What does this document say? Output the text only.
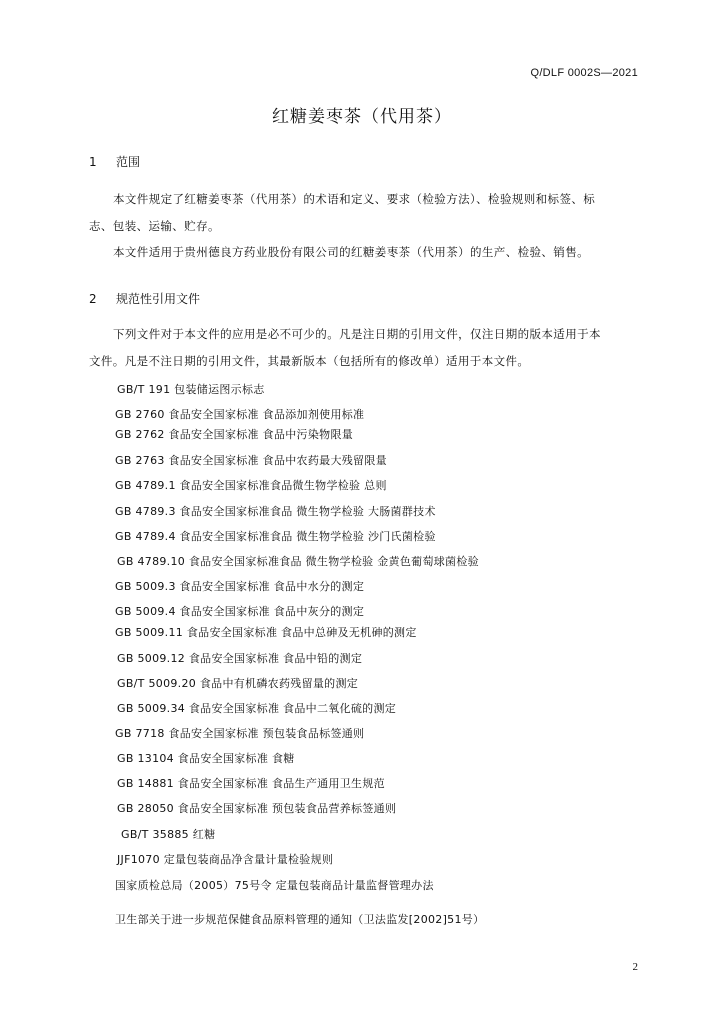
Q/DLF 0002S—2021
红糖姜枣茶（代用茶）
1 范围
本文件规定了红糖姜枣茶（代用茶）的术语和定义、要求（检验方法）、检验规则和标签、标
志、包装、运输、贮存。
本文件适用于贵州德良方药业股份有限公司的红糖姜枣茶（代用茶）的生产、检验、销售。
2 规范性引用文件
下列文件对于本文件的应用是必不可少的。凡是注日期的引用文件，仅注日期的版本适用于本
文件。凡是不注日期的引用文件，其最新版本（包括所有的修改单）适用于本文件。
GB/T 191 包装储运图示标志
GB 2760 食品安全国家标准 食品添加剂使用标准
GB 2762 食品安全国家标准 食品中污染物限量
GB 2763 食品安全国家标准 食品中农药最大残留限量
GB 4789.1 食品安全国家标准食品微生物学检验 总则
GB 4789.3 食品安全国家标准食品 微生物学检验 大肠菌群技术
GB 4789.4 食品安全国家标准食品 微生物学检验 沙门氏菌检验
GB 4789.10 食品安全国家标准食品 微生物学检验 金黄色葡萄球菌检验
GB 5009.3 食品安全国家标准 食品中水分的测定
GB 5009.4 食品安全国家标准 食品中灰分的测定
GB 5009.11 食品安全国家标准 食品中总砷及无机砷的测定
GB 5009.12 食品安全国家标准 食品中铅的测定
GB/T 5009.20 食品中有机磷农药残留量的测定
GB 5009.34 食品安全国家标准 食品中二氧化硫的测定
GB 7718 食品安全国家标准 预包装食品标签通则
GB 13104 食品安全国家标准 食糖
GB 14881 食品安全国家标准 食品生产通用卫生规范
GB 28050 食品安全国家标准 预包装食品营养标签通则
GB/T 35885 红糖
JJF1070 定量包装商品净含量计量检验规则
国家质检总局（2005）75号令 定量包装商品计量监督管理办法
卫生部关于进一步规范保健食品原料管理的通知（卫法监发[2002]51号）
2
